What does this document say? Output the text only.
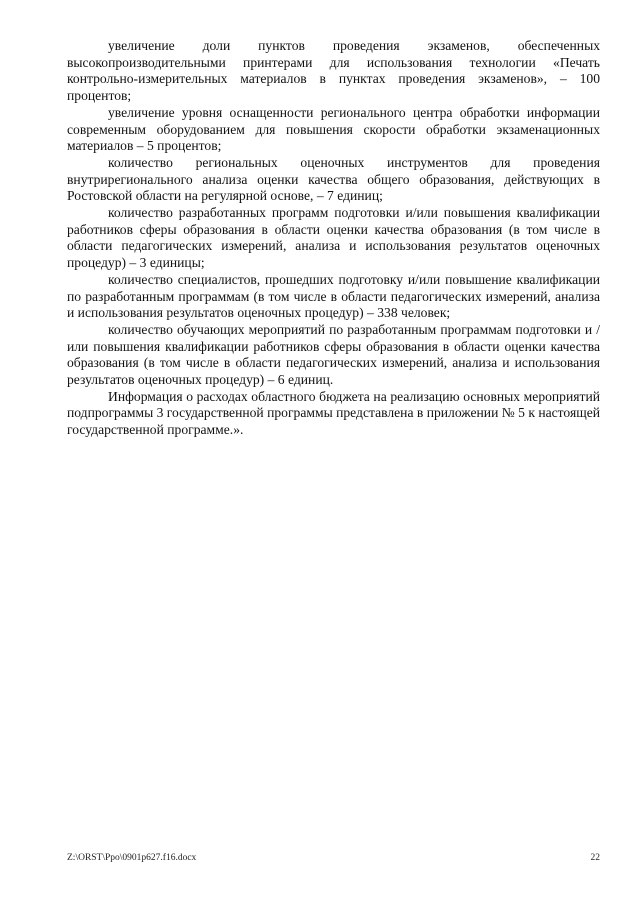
увеличение доли пунктов проведения экзаменов, обеспеченных высокопроизводительными принтерами для использования технологии «Печать контрольно-измерительных материалов в пунктах проведения экзаменов», – 100 процентов;

увеличение уровня оснащенности регионального центра обработки информации современным оборудованием для повышения скорости обработки экзаменационных материалов – 5 процентов;

количество региональных оценочных инструментов для проведения внутрирегионального анализа оценки качества общего образования, действующих в Ростовской области на регулярной основе, – 7 единиц;

количество разработанных программ подготовки и/или повышения квалификации работников сферы образования в области оценки качества образования (в том числе в области педагогических измерений, анализа и использования результатов оценочных процедур) – 3 единицы;

количество специалистов, прошедших подготовку и/или повышение квалификации по разработанным программам (в том числе в области педагогических измерений, анализа и использования результатов оценочных процедур) – 338 человек;

количество обучающих мероприятий по разработанным программам подготовки и /или повышения квалификации работников сферы образования в области оценки качества образования (в том числе в области педагогических измерений, анализа и использования результатов оценочных процедур) – 6 единиц.

Информация о расходах областного бюджета на реализацию основных мероприятий подпрограммы 3 государственной программы представлена в приложении № 5 к настоящей государственной программе.».

Z:\ORST\Ppo\0901p627.f16.docx	22
